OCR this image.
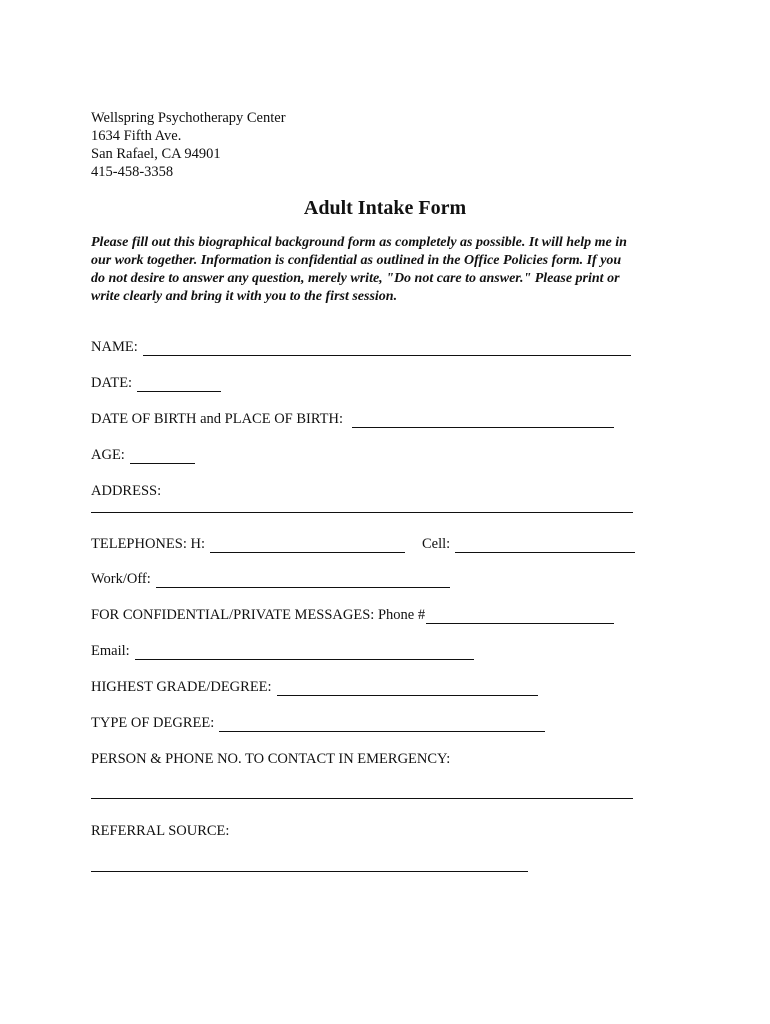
Wellspring Psychotherapy Center
1634 Fifth Ave.
San Rafael, CA 94901
415-458-3358
Adult Intake Form
Please fill out this biographical background form as completely as possible. It will help me in
our work together. Information is confidential as outlined in the Office Policies form. If you
do not desire to answer any question, merely write, "Do not care to answer." Please print or
write clearly and bring it with you to the first session.
NAME:
DATE:
DATE OF BIRTH and PLACE OF BIRTH:
AGE:
ADDRESS:
TELEPHONES: H:	Cell:
Work/Off:
FOR CONFIDENTIAL/PRIVATE MESSAGES: Phone #
Email:
HIGHEST GRADE/DEGREE:
TYPE OF DEGREE:
PERSON & PHONE NO. TO CONTACT IN EMERGENCY:
REFERRAL SOURCE:
